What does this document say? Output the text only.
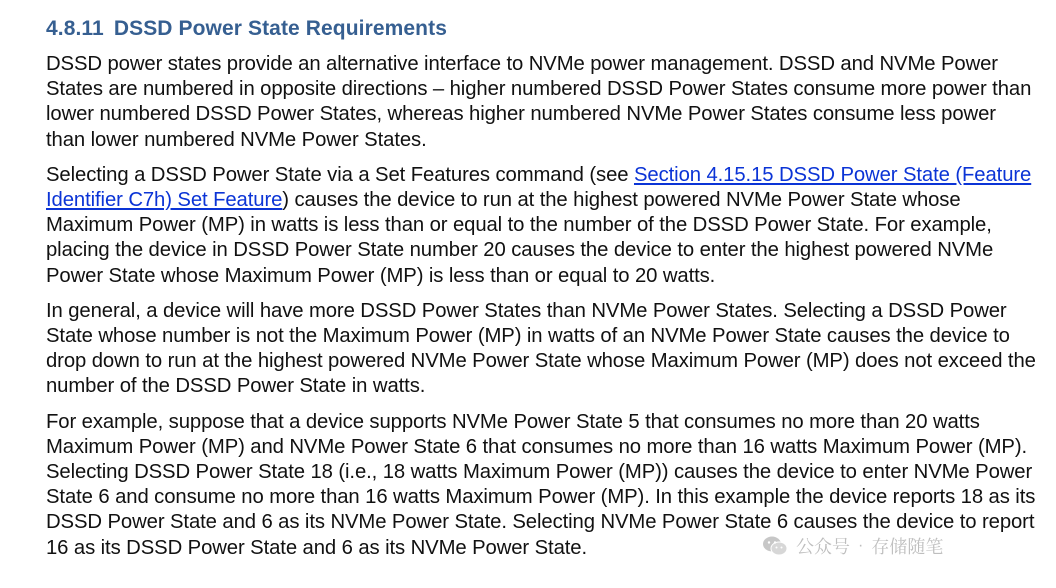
4.8.11 DSSD Power State Requirements

DSSD power states provide an alternative interface to NVMe power management. DSSD and NVMe Power States are numbered in opposite directions – higher numbered DSSD Power States consume more power than lower numbered DSSD Power States, whereas higher numbered NVMe Power States consume less power than lower numbered NVMe Power States.

Selecting a DSSD Power State via a Set Features command (see Section 4.15.15 DSSD Power State (Feature Identifier C7h) Set Feature) causes the device to run at the highest powered NVMe Power State whose Maximum Power (MP) in watts is less than or equal to the number of the DSSD Power State. For example, placing the device in DSSD Power State number 20 causes the device to enter the highest powered NVMe Power State whose Maximum Power (MP) is less than or equal to 20 watts.

In general, a device will have more DSSD Power States than NVMe Power States. Selecting a DSSD Power State whose number is not the Maximum Power (MP) in watts of an NVMe Power State causes the device to drop down to run at the highest powered NVMe Power State whose Maximum Power (MP) does not exceed the number of the DSSD Power State in watts.

For example, suppose that a device supports NVMe Power State 5 that consumes no more than 20 watts Maximum Power (MP) and NVMe Power State 6 that consumes no more than 16 watts Maximum Power (MP). Selecting DSSD Power State 18 (i.e., 18 watts Maximum Power (MP)) causes the device to enter NVMe Power State 6 and consume no more than 16 watts Maximum Power (MP). In this example the device reports 18 as its DSSD Power State and 6 as its NVMe Power State. Selecting NVMe Power State 6 causes the device to report 16 as its DSSD Power State and 6 as its NVMe Power State.	公众号 · 存储随笔
